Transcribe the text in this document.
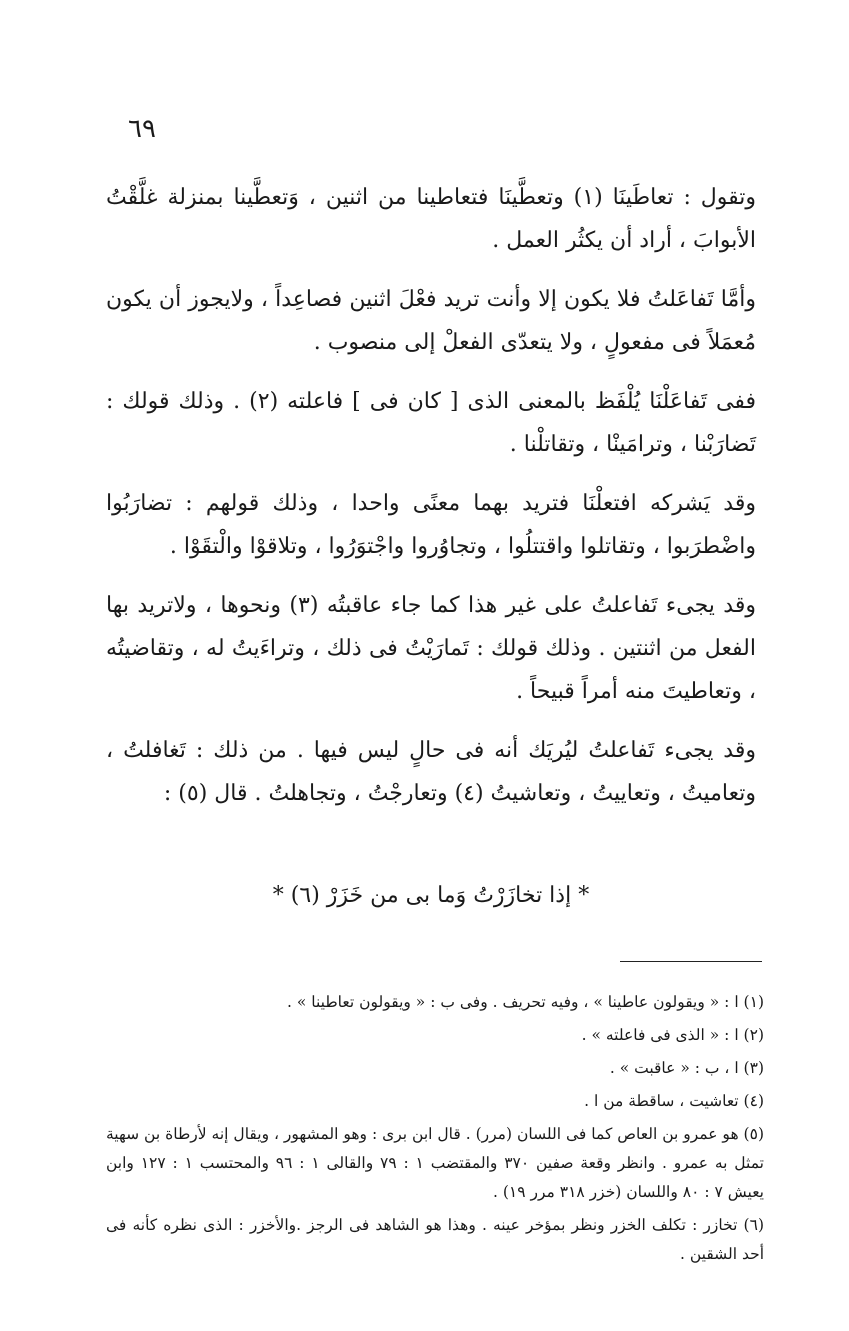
٦٩

وتقول : تعاطَينَا (١) وتعطَّينَا فتعاطينا من اثنين ، وَتعطَّينا بمنزلة غلَّقْتُ الأبوابَ ، أراد أن يكثُر العمل .

وأمَّا تَفاعَلتُ فلا يكون إلا وأنت تريد فعْلَ اثنين فصاعِداً ، ولايجوز أن يكون مُعمَلاً فى مفعولٍ ، ولا يتعدّى الفعلْ إلى منصوب .

ففى تَفاعَلْنَا يُلْفَظ بالمعنى الذى [ كان فى ] فاعلته (٢) . وذلك قولك : تَضارَبْنا ، وترامَينْا ، وتقاتلْنا .

وقد يَشركه افتعلْنَا فتريد بهما معنًى واحدا ، وذلك قولهم : تضارَبُوا واضْطرَبوا ، وتقاتلوا واقتتلُوا ، وتجاوُروا واجْتوَرُوا ، وتلاقوْا والْتقَوْا .

وقد يجىء تَفاعلتُ على غير هذا كما جاء عاقبتُه (٣) ونحوها ، ولاتريد بها الفعل من اثنتين . وذلك قولك : تَمارَيْتُ فى ذلك ، وتراءَيتُ له ، وتقاضيتُه ، وتعاطيتَ منه أمراً قبيحاً .

وقد يجىء تَفاعلتُ ليُريَك أنه فى حالٍ ليس فيها . من ذلك : تَغافلتُ ، وتعاميتُ ، وتعاييتُ ، وتعاشيتُ (٤) وتعارجْتُ ، وتجاهلتُ . قال (٥) :

* إذا تخازَرْتُ وَما بى من خَزَرْ (٦) *

(١) ا : « ويقولون عاطينا » ، وفيه تحريف . وفى ب : « ويقولون تعاطينا » .

(٢) ا : « الذى فى فاعلته » .

(٣) ا ، ب : « عاقبت » .

(٤) تعاشيت ، ساقطة من ا .

(٥) هو عمرو بن العاص كما فى اللسان (مرر) . قال ابن برى : وهو المشهور ، ويقال إنه لأرطاة بن سهية تمثل به عمرو . وانظر وقعة صفين ٣٧٠ والمقتضب ١ : ٧٩ والقالى ١ : ٩٦ والمحتسب ١ : ١٢٧ وابن يعيش ٧ : ٨٠ واللسان (خزر ٣١٨ مرر ١٩) .

(٦) تخازر : تكلف الخزر ونظر بمؤخر عينه . وهذا هو الشاهد فى الرجز .والأخزر : الذى نظره كأنه فى أحد الشقين .
